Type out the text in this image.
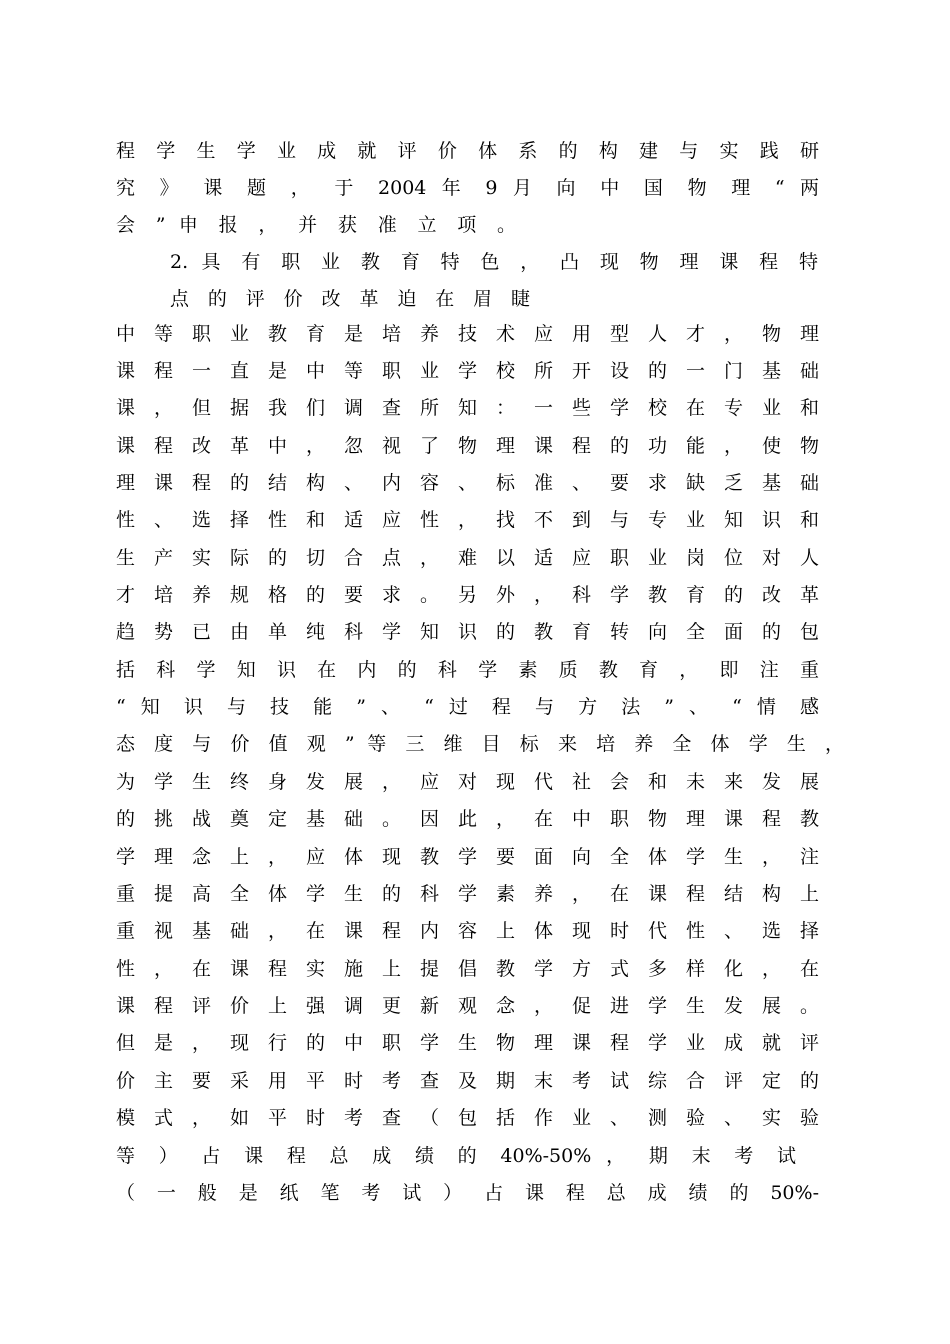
程 学 生 学 业 成 就 评 价 体 系 的 构 建 与 实 践 研
究 》 课 题 ， 于 2004 年 9 月 向 中 国 物 理 “ 两
会 ” 申 报 ， 并 获 准 立 项 。
2. 具 有 职 业 教 育 特 色 ， 凸 现 物 理 课 程 特
点 的 评 价 改 革 迫 在 眉 睫
中 等 职 业 教 育 是 培 养 技 术 应 用 型 人 才 ， 物 理
课 程 一 直 是 中 等 职 业 学 校 所 开 设 的 一 门 基 础
课 ， 但 据 我 们 调 查 所 知 ： 一 些 学 校 在 专 业 和
课 程 改 革 中 ， 忽 视 了 物 理 课 程 的 功 能 ， 使 物
理 课 程 的 结 构 、 内 容 、 标 准 、 要 求 缺 乏 基 础
性 、 选 择 性 和 适 应 性 ， 找 不 到 与 专 业 知 识 和
生 产 实 际 的 切 合 点 ， 难 以 适 应 职 业 岗 位 对 人
才 培 养 规 格 的 要 求 。 另 外 ， 科 学 教 育 的 改 革
趋 势 已 由 单 纯 科 学 知 识 的 教 育 转 向 全 面 的 包
括 科 学 知 识 在 内 的 科 学 素 质 教 育 ， 即 注 重
“ 知 识 与 技 能 ” 、 “ 过 程 与 方 法 ” 、 “ 情 感
态 度 与 价 值 观 ” 等 三 维 目 标 来 培 养 全 体 学 生 ，
为 学 生 终 身 发 展 ， 应 对 现 代 社 会 和 未 来 发 展
的 挑 战 奠 定 基 础 。 因 此 ， 在 中 职 物 理 课 程 教
学 理 念 上 ， 应 体 现 教 学 要 面 向 全 体 学 生 ， 注
重 提 高 全 体 学 生 的 科 学 素 养 ， 在 课 程 结 构 上
重 视 基 础 ， 在 课 程 内 容 上 体 现 时 代 性 、 选 择
性 ， 在 课 程 实 施 上 提 倡 教 学 方 式 多 样 化 ， 在
课 程 评 价 上 强 调 更 新 观 念 ， 促 进 学 生 发 展 。
但 是 ， 现 行 的 中 职 学 生 物 理 课 程 学 业 成 就 评
价 主 要 采 用 平 时 考 查 及 期 末 考 试 综 合 评 定 的
模 式 ， 如 平 时 考 查 （ 包 括 作 业 、 测 验 、 实 验
等 ） 占 课 程 总 成 绩 的 40%-50% ， 期 末 考 试
（ 一 般 是 纸 笔 考 试 ） 占 课 程 总 成 绩 的 50%-
